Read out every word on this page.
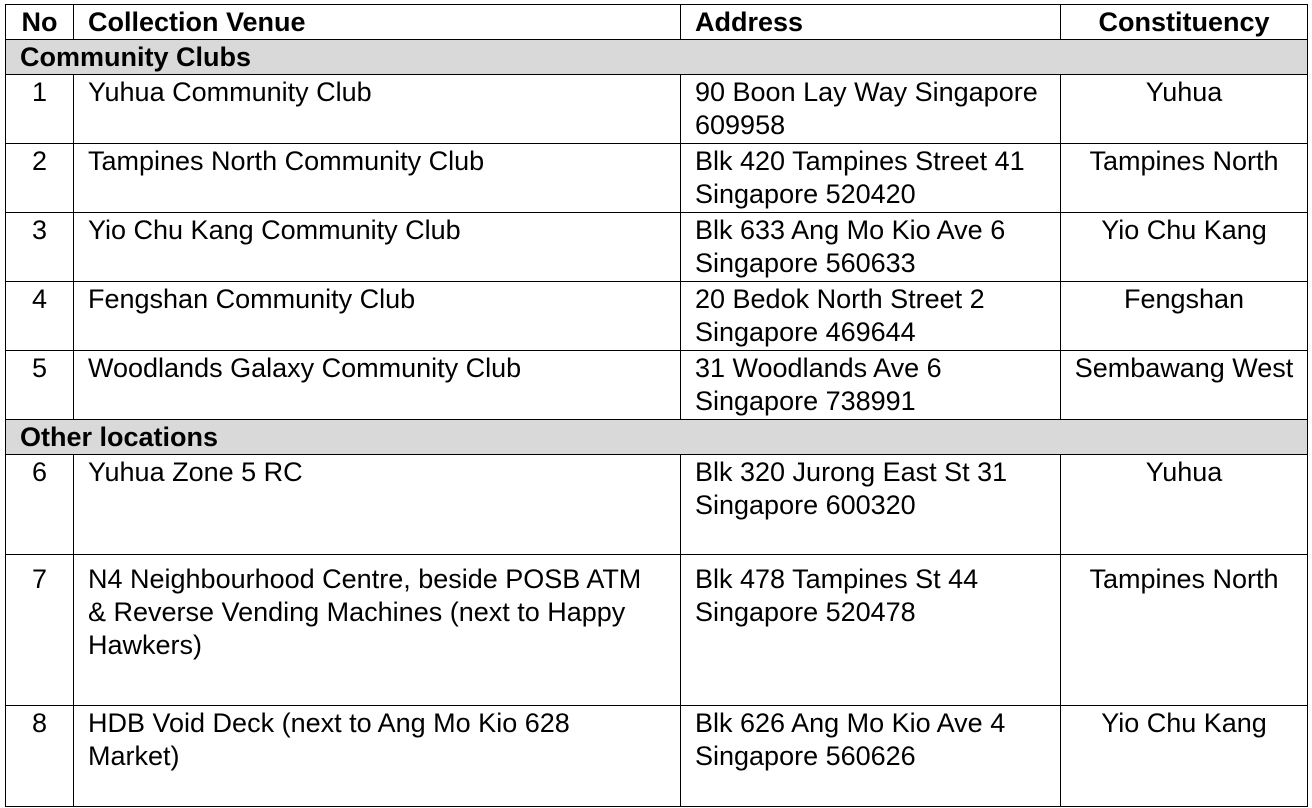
No	Collection Venue	Address	Constituency
Community Clubs			
1	Yuhua Community Club	90 Boon Lay Way Singapore 609958	Yuhua
2	Tampines North Community Club	Blk 420 Tampines Street 41 Singapore 520420	Tampines North
3	Yio Chu Kang Community Club	Blk 633 Ang Mo Kio Ave 6 Singapore 560633	Yio Chu Kang
4	Fengshan Community Club	20 Bedok North Street 2 Singapore 469644	Fengshan
5	Woodlands Galaxy Community Club	31 Woodlands Ave 6 Singapore 738991	Sembawang West
Other locations			
6	Yuhua Zone 5 RC	Blk 320 Jurong East St 31 Singapore 600320	Yuhua
7	N4 Neighbourhood Centre, beside POSB ATM & Reverse Vending Machines (next to Happy Hawkers)	Blk 478 Tampines St 44 Singapore 520478	Tampines North
8	HDB Void Deck (next to Ang Mo Kio 628 Market)	Blk 626 Ang Mo Kio Ave 4 Singapore 560626	Yio Chu Kang
